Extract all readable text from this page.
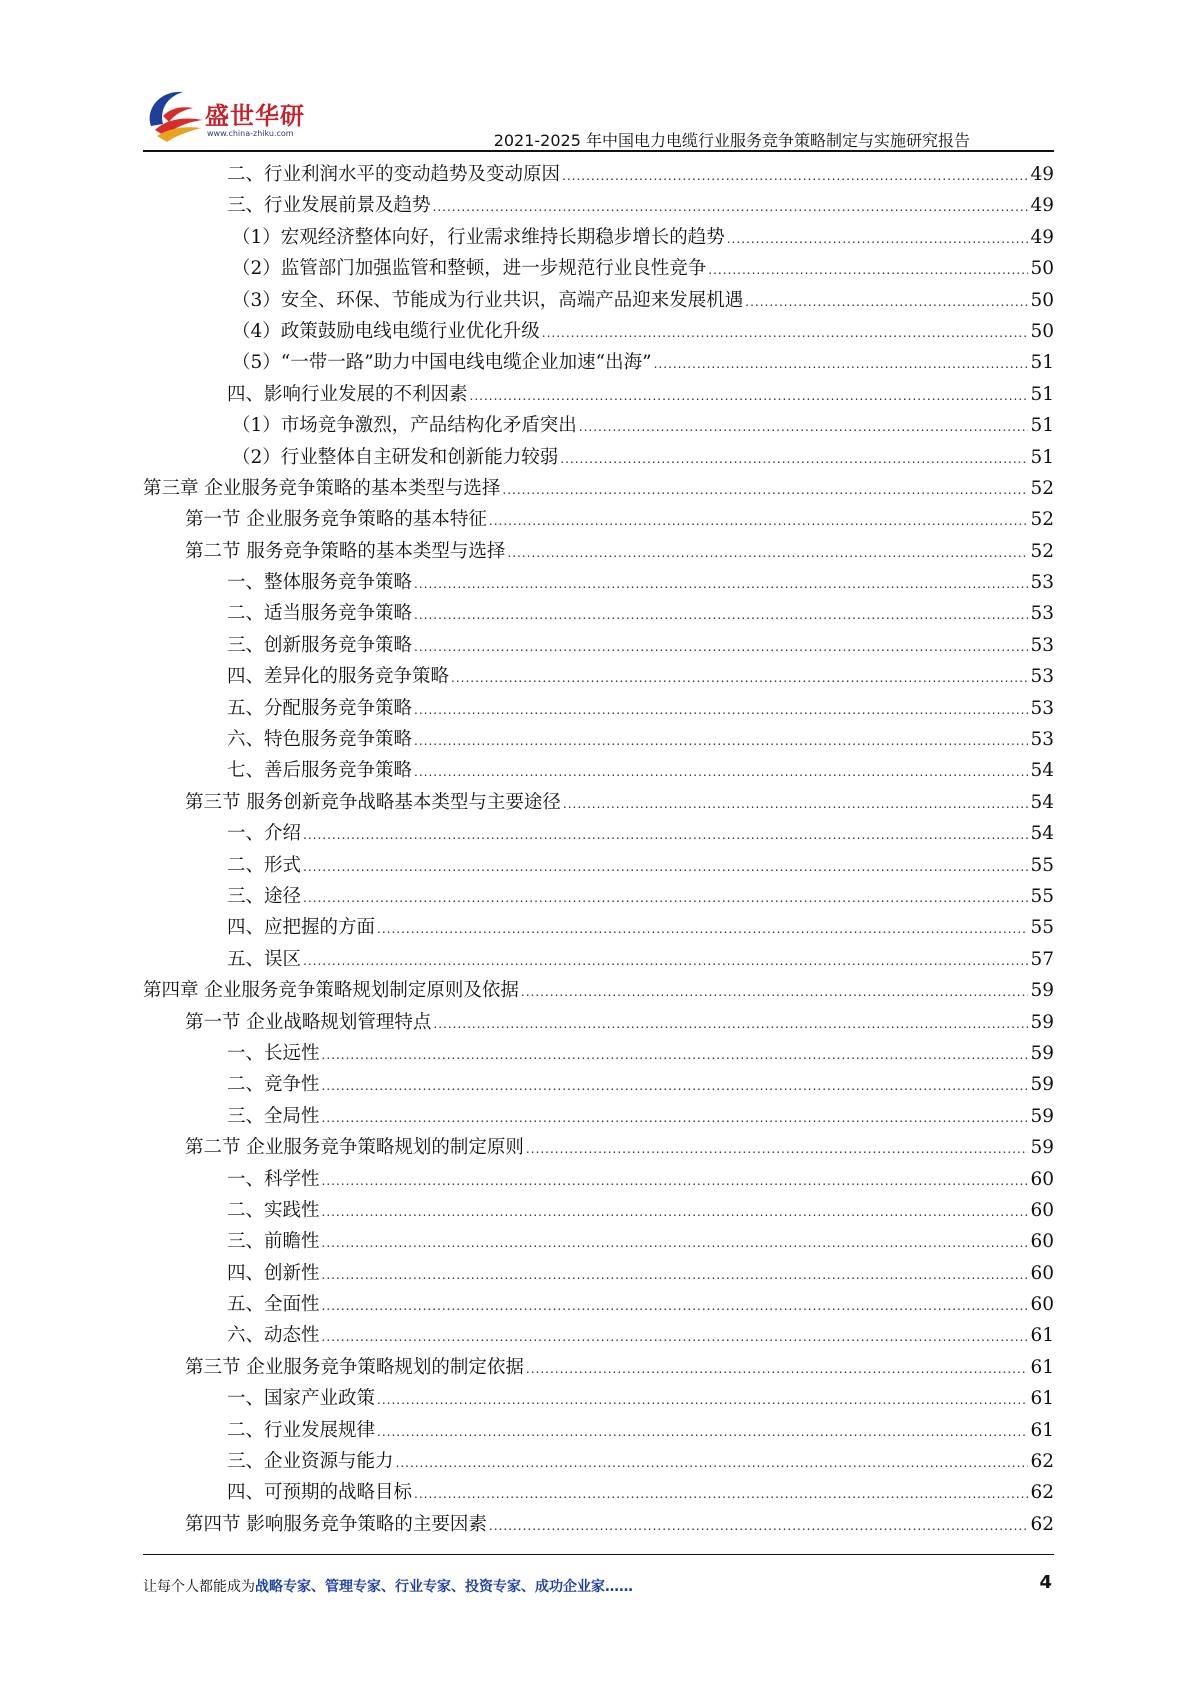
盛世华研
www.china-zhiku.com	2021-2025 年中国电力电缆行业服务竞争策略制定与实施研究报告
二、行业利润水平的变动趋势及变动原因 .....	49
三、行业发展前景及趋势 .....	49
（1）宏观经济整体向好，行业需求维持长期稳步增长的趋势 .....	49
（2）监管部门加强监管和整顿，进一步规范行业良性竞争 .....	50
（3）安全、环保、节能成为行业共识，高端产品迎来发展机遇 .....	50
（4）政策鼓励电线电缆行业优化升级 .....	50
（5）“一带一路”助力中国电线电缆企业加速“出海” .....	51
四、影响行业发展的不利因素 .....	51
（1）市场竞争激烈，产品结构化矛盾突出 .....	51
（2）行业整体自主研发和创新能力较弱 .....	51
第三章 企业服务竞争策略的基本类型与选择 .....	52
第一节 企业服务竞争策略的基本特征 .....	52
第二节 服务竞争策略的基本类型与选择 .....	52
一、整体服务竞争策略 .....	53
二、适当服务竞争策略 .....	53
三、创新服务竞争策略 .....	53
四、差异化的服务竞争策略 .....	53
五、分配服务竞争策略 .....	53
六、特色服务竞争策略 .....	53
七、善后服务竞争策略 .....	54
第三节 服务创新竞争战略基本类型与主要途径 .....	54
一、介绍 .....	54
二、形式 .....	55
三、途径 .....	55
四、应把握的方面 .....	55
五、误区 .....	57
第四章 企业服务竞争策略规划制定原则及依据 .....	59
第一节 企业战略规划管理特点 .....	59
一、长远性 .....	59
二、竞争性 .....	59
三、全局性 .....	59
第二节 企业服务竞争策略规划的制定原则 .....	59
一、科学性 .....	60
二、实践性 .....	60
三、前瞻性 .....	60
四、创新性 .....	60
五、全面性 .....	60
六、动态性 .....	61
第三节 企业服务竞争策略规划的制定依据 .....	61
一、国家产业政策 .....	61
二、行业发展规律 .....	61
三、企业资源与能力 .....	62
四、可预期的战略目标 .....	62
第四节 影响服务竞争策略的主要因素 .....	62
让每个人都能成为战略专家、管理专家、行业专家、投资专家、成功企业家……	4
